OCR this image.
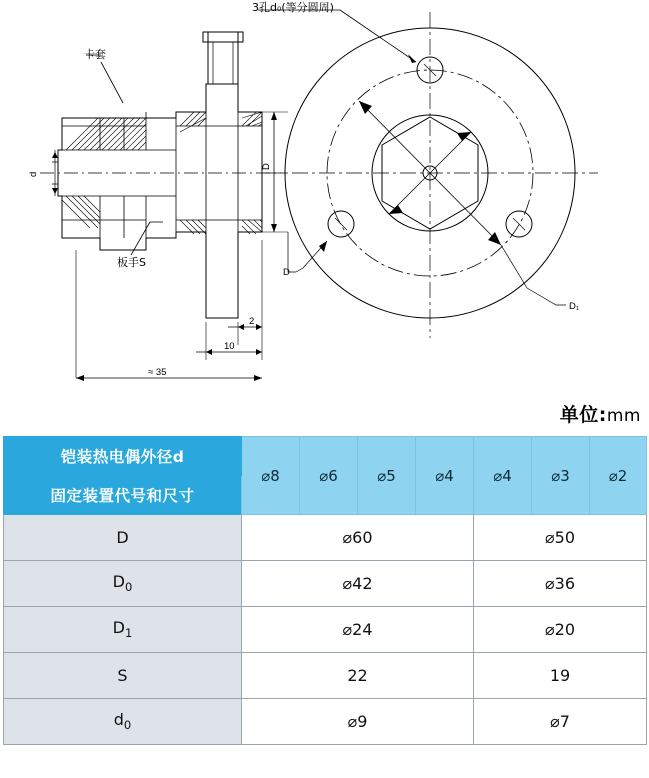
3孔d₀(等分圆周)
卡套
板手S
d
D
D
D₁
2
10
≈ 35
单位:mm
铠装热电偶外径d	⌀8	⌀6	⌀5	⌀4	⌀4	⌀3	⌀2
固定装置代号和尺寸							
D	⌀60				⌀50		
$D_0$	⌀42				⌀36		
$D_1$	⌀24				⌀20		
S	22				19		
$d_0$	⌀9				⌀7		
